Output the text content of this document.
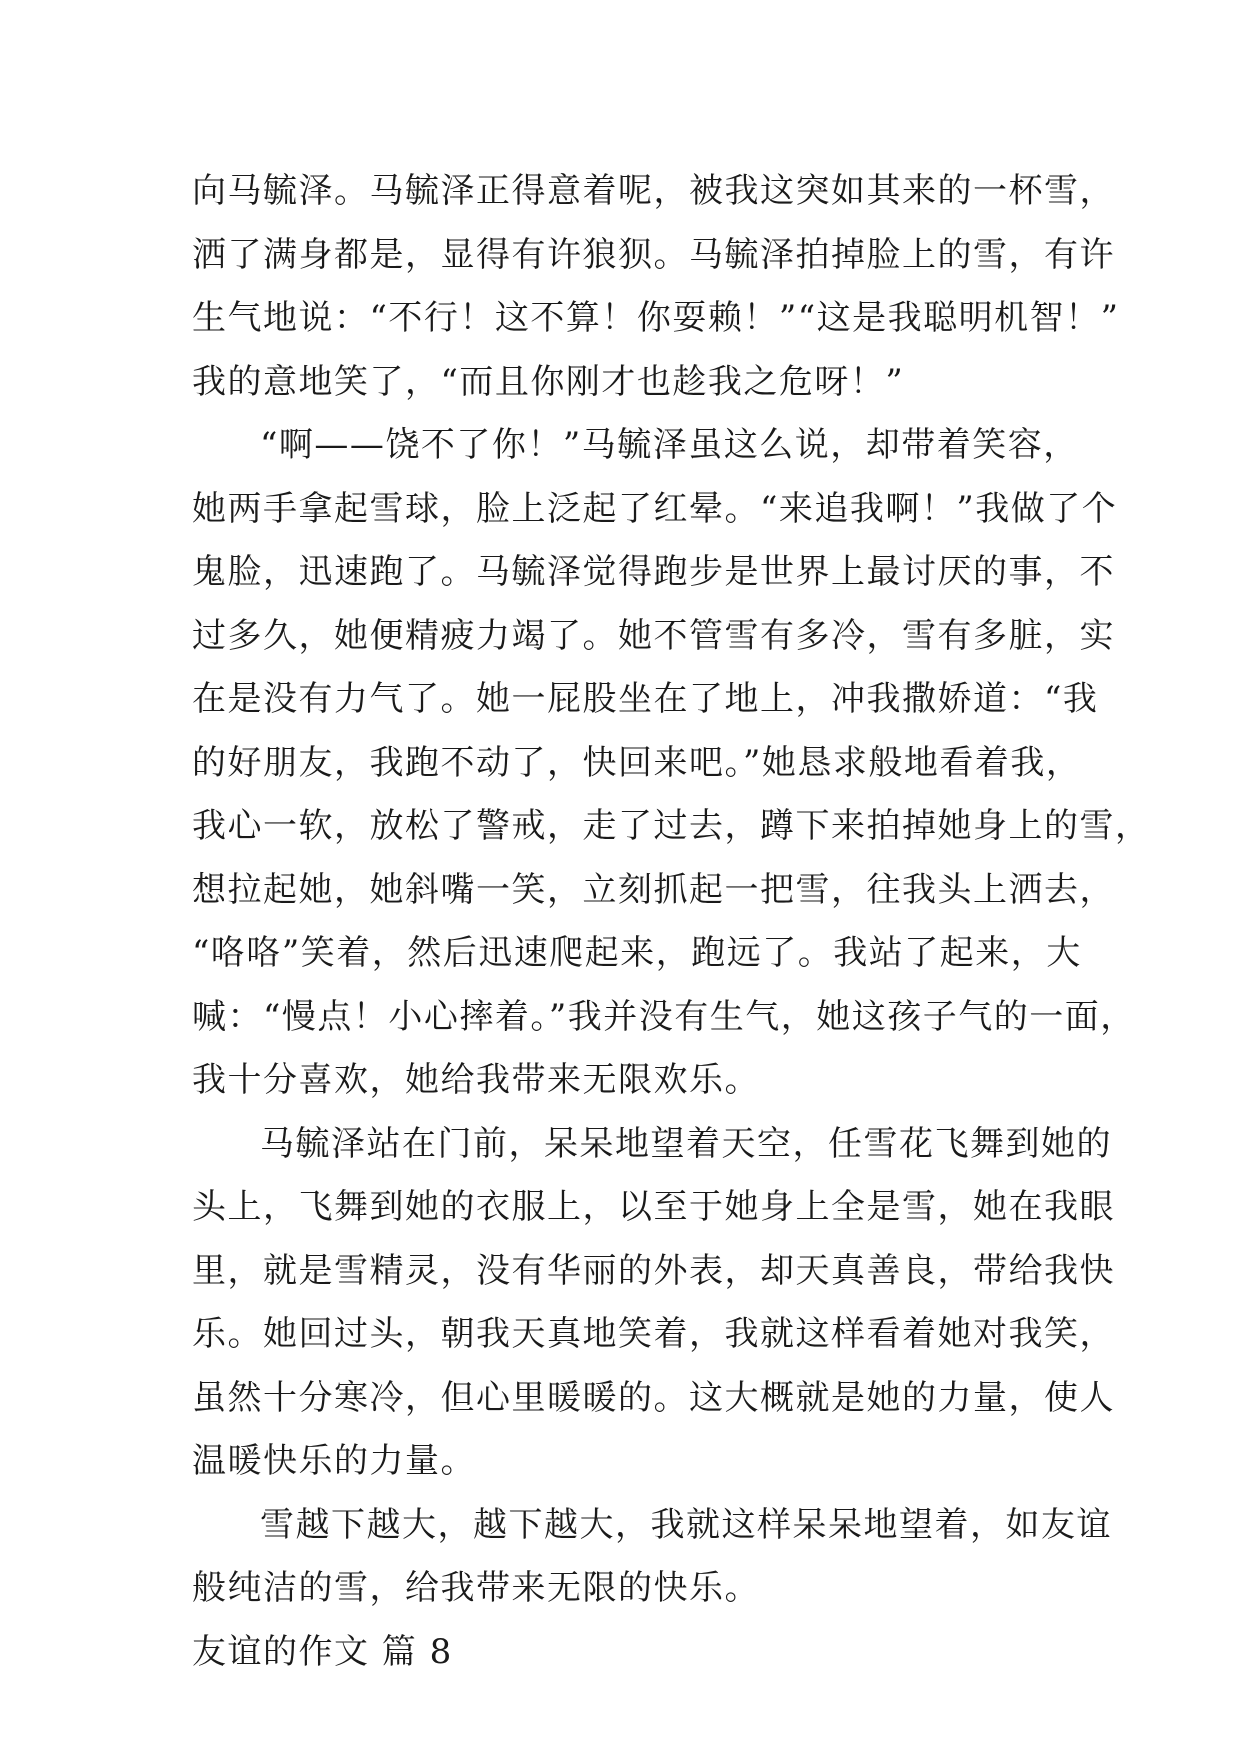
向马毓泽。马毓泽正得意着呢，被我这突如其来的一杯雪，
洒了满身都是，显得有许狼狈。马毓泽拍掉脸上的雪，有许
生气地说：“不行！这不算！你耍赖！”“这是我聪明机智！”
我的意地笑了，“而且你刚才也趁我之危呀！”
“啊——饶不了你！”马毓泽虽这么说，却带着笑容，
她两手拿起雪球，脸上泛起了红晕。“来追我啊！”我做了个
鬼脸，迅速跑了。马毓泽觉得跑步是世界上最讨厌的事，不
过多久，她便精疲力竭了。她不管雪有多冷，雪有多脏，实
在是没有力气了。她一屁股坐在了地上，冲我撒娇道：“我
的好朋友，我跑不动了，快回来吧。”她恳求般地看着我，
我心一软，放松了警戒，走了过去，蹲下来拍掉她身上的雪，
想拉起她，她斜嘴一笑，立刻抓起一把雪，往我头上洒去，
“咯咯”笑着，然后迅速爬起来，跑远了。我站了起来，大
喊：“慢点！小心摔着。”我并没有生气，她这孩子气的一面，
我十分喜欢，她给我带来无限欢乐。
马毓泽站在门前，呆呆地望着天空，任雪花飞舞到她的
头上，飞舞到她的衣服上，以至于她身上全是雪，她在我眼
里，就是雪精灵，没有华丽的外表，却天真善良，带给我快
乐。她回过头，朝我天真地笑着，我就这样看着她对我笑，
虽然十分寒冷，但心里暖暖的。这大概就是她的力量，使人
温暖快乐的力量。
雪越下越大，越下越大，我就这样呆呆地望着，如友谊
般纯洁的雪，给我带来无限的快乐。
友谊的作文 篇 8
